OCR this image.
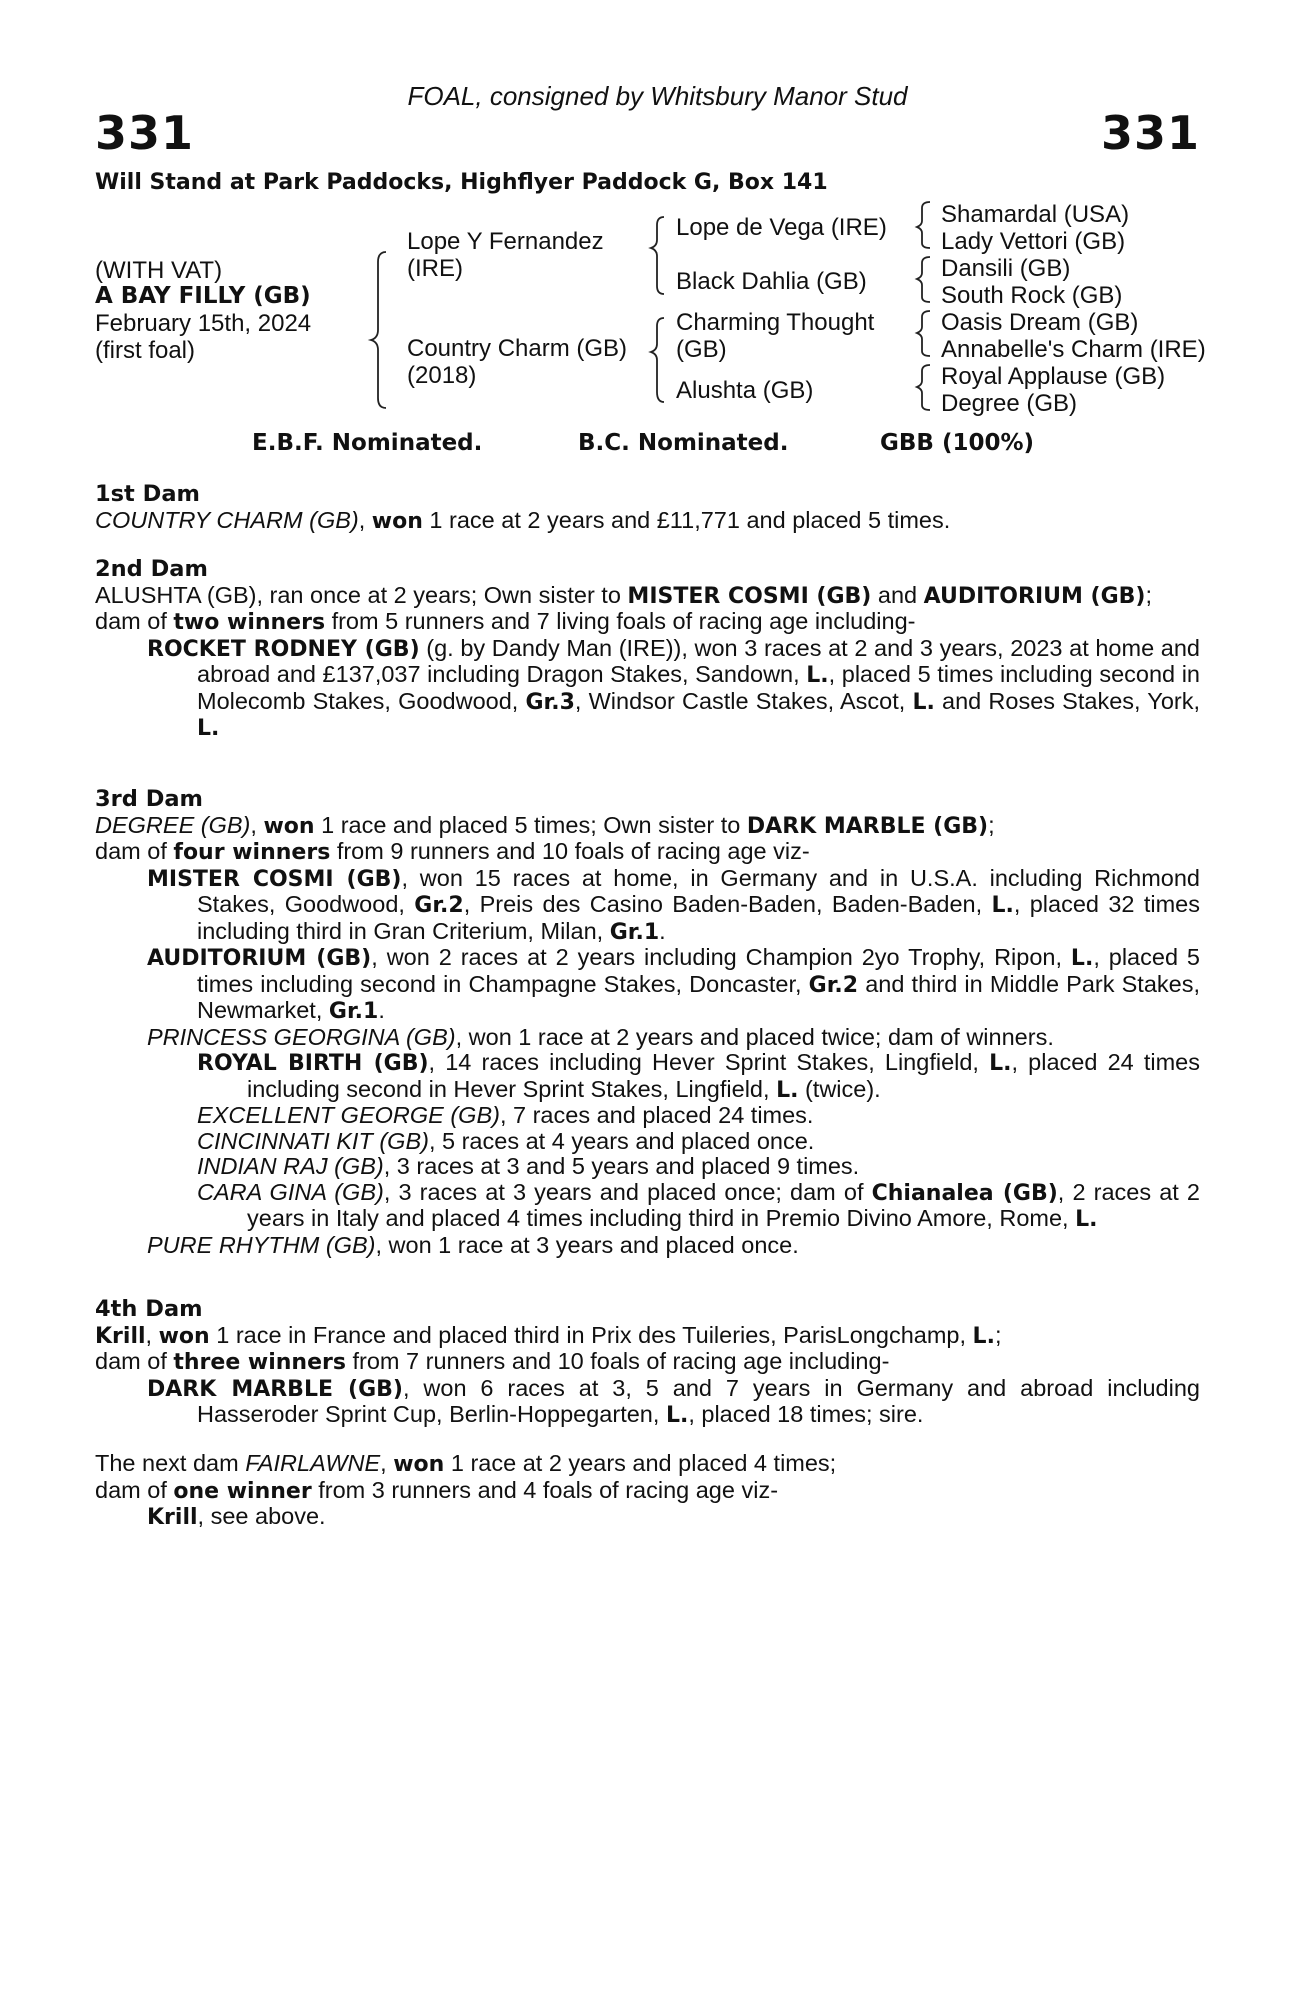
FOAL, consigned by Whitsbury Manor Stud
331	331
Will Stand at Park Paddocks, Highflyer Paddock G, Box 141
(WITH VAT)
A BAY FILLY (GB)
February 15th, 2024
(first foal)
Lope Y Fernandez
(IRE)
Country Charm (GB)
(2018)
Lope de Vega (IRE)
Black Dahlia (GB)
Charming Thought
(GB)
Alushta (GB)
Shamardal (USA)
Lady Vettori (GB)
Dansili (GB)
South Rock (GB)
Oasis Dream (GB)
Annabelle's Charm (IRE)
Royal Applause (GB)
Degree (GB)
E.B.F. Nominated.	B.C. Nominated.	GBB (100%)
1st Dam
COUNTRY CHARM (GB), won 1 race at 2 years and £11,771 and placed 5 times.
2nd Dam
ALUSHTA (GB), ran once at 2 years; Own sister to MISTER COSMI (GB) and AUDITORIUM (GB);
dam of two winners from 5 runners and 7 living foals of racing age including-
ROCKET RODNEY (GB) (g. by Dandy Man (IRE)), won 3 races at 2 and 3 years, 2023 at home and abroad and £137,037 including Dragon Stakes, Sandown, L., placed 5 times including second in Molecomb Stakes, Goodwood, Gr.3, Windsor Castle Stakes, Ascot, L. and Roses Stakes, York, L.
3rd Dam
DEGREE (GB), won 1 race and placed 5 times; Own sister to DARK MARBLE (GB);
dam of four winners from 9 runners and 10 foals of racing age viz-
MISTER COSMI (GB), won 15 races at home, in Germany and in U.S.A. including Richmond Stakes, Goodwood, Gr.2, Preis des Casino Baden-Baden, Baden-Baden, L., placed 32 times including third in Gran Criterium, Milan, Gr.1.
AUDITORIUM (GB), won 2 races at 2 years including Champion 2yo Trophy, Ripon, L., placed 5 times including second in Champagne Stakes, Doncaster, Gr.2 and third in Middle Park Stakes, Newmarket, Gr.1.
PRINCESS GEORGINA (GB), won 1 race at 2 years and placed twice; dam of winners.
ROYAL BIRTH (GB), 14 races including Hever Sprint Stakes, Lingfield, L., placed 24 times including second in Hever Sprint Stakes, Lingfield, L. (twice).
EXCELLENT GEORGE (GB), 7 races and placed 24 times.
CINCINNATI KIT (GB), 5 races at 4 years and placed once.
INDIAN RAJ (GB), 3 races at 3 and 5 years and placed 9 times.
CARA GINA (GB), 3 races at 3 years and placed once; dam of Chianalea (GB), 2 races at 2 years in Italy and placed 4 times including third in Premio Divino Amore, Rome, L.
PURE RHYTHM (GB), won 1 race at 3 years and placed once.
4th Dam
Krill, won 1 race in France and placed third in Prix des Tuileries, ParisLongchamp, L.;
dam of three winners from 7 runners and 10 foals of racing age including-
DARK MARBLE (GB), won 6 races at 3, 5 and 7 years in Germany and abroad including Hasseroder Sprint Cup, Berlin-Hoppegarten, L., placed 18 times; sire.
The next dam FAIRLAWNE, won 1 race at 2 years and placed 4 times;
dam of one winner from 3 runners and 4 foals of racing age viz-
Krill, see above.
